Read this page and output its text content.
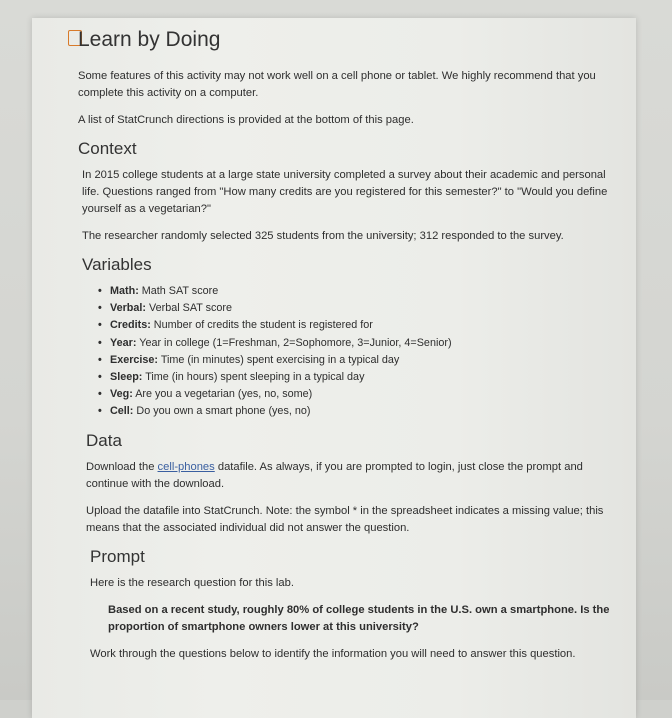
Learn by Doing

Some features of this activity may not work well on a cell phone or tablet. We highly recommend that you complete this activity on a computer.

A list of StatCrunch directions is provided at the bottom of this page.

Context

In 2015 college students at a large state university completed a survey about their academic and personal life. Questions ranged from "How many credits are you registered for this semester?" to "Would you define yourself as a vegetarian?"

The researcher randomly selected 325 students from the university; 312 responded to the survey.

Variables
• Math: Math SAT score
• Verbal: Verbal SAT score
• Credits: Number of credits the student is registered for
• Year: Year in college (1=Freshman, 2=Sophomore, 3=Junior, 4=Senior)
• Exercise: Time (in minutes) spent exercising in a typical day
• Sleep: Time (in hours) spent sleeping in a typical day
• Veg: Are you a vegetarian (yes, no, some)
• Cell: Do you own a smart phone (yes, no)
Data

Download the cell-phones datafile. As always, if you are prompted to login, just close the prompt and continue with the download.

Upload the datafile into StatCrunch. Note: the symbol * in the spreadsheet indicates a missing value; this means that the associated individual did not answer the question.

Prompt

Here is the research question for this lab.

Based on a recent study, roughly 80% of college students in the U.S. own a smartphone. Is the proportion of smartphone owners lower at this university?

Work through the questions below to identify the information you will need to answer this question.
